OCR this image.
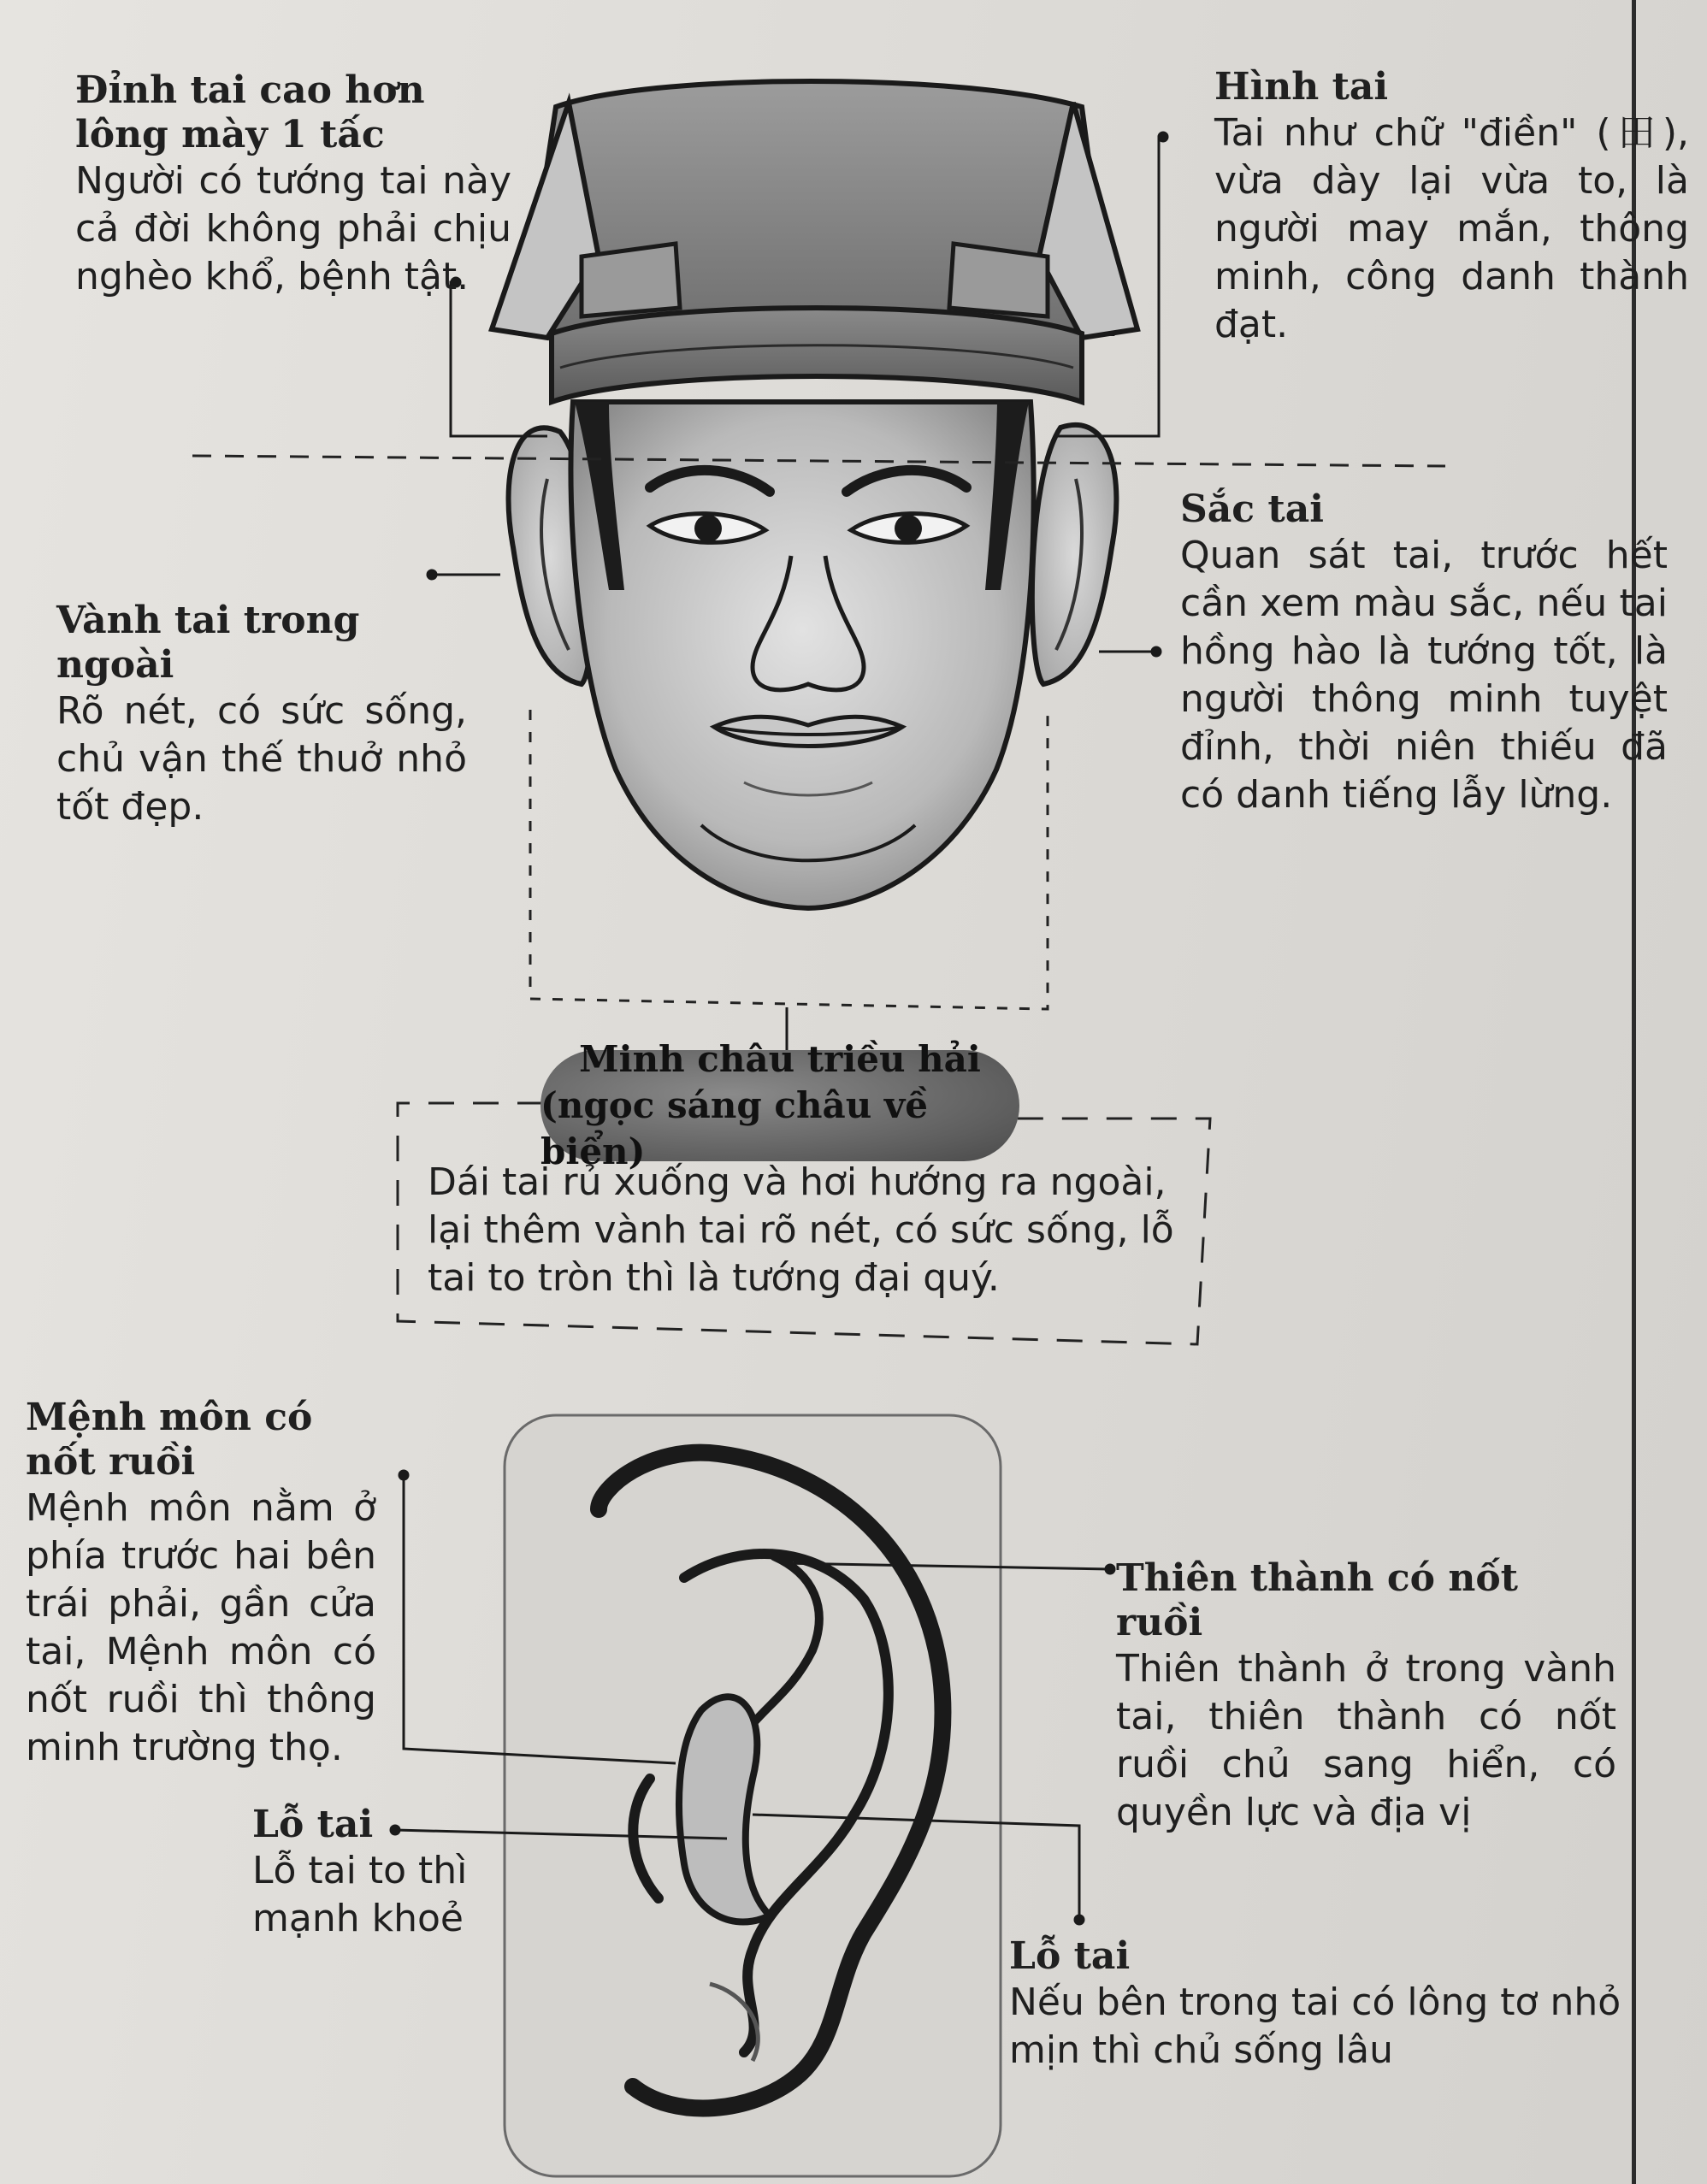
Đỉnh tai cao hơn lông mày 1 tấc

Người có tướng tai này cả đời không phải chịu nghèo khổ, bệnh tật.

Hình tai

Tai như chữ "điền" (田), vừa dày lại vừa to, là người may mắn, thông minh, công danh thành đạt.

Sắc tai

Quan sát tai, trước hết cần xem màu sắc, nếu tai hồng hào là tướng tốt, là người thông minh tuyệt đỉnh, thời niên thiếu đã có danh tiếng lẫy lừng.

Vành tai trong ngoài

Rõ nét, có sức sống, chủ vận thế thuở nhỏ tốt đẹp.

Minh châu triều hải
(ngọc sáng châu về biển)

Dái tai rủ xuống và hơi hướng ra ngoài, lại thêm vành tai rõ nét, có sức sống, lỗ tai to tròn thì là tướng đại quý.

Mệnh môn có nốt ruồi

Mệnh môn nằm ở phía trước hai bên trái phải, gần cửa tai, Mệnh môn có nốt ruồi thì thông minh trường thọ.

Thiên thành có nốt ruồi

Thiên thành ở trong vành tai, thiên thành có nốt ruồi chủ sang hiển, có quyền lực và địa vị

Lỗ tai

Lỗ tai to thì mạnh khoẻ

Lỗ tai

Nếu bên trong tai có lông tơ nhỏ mịn thì chủ sống lâu
